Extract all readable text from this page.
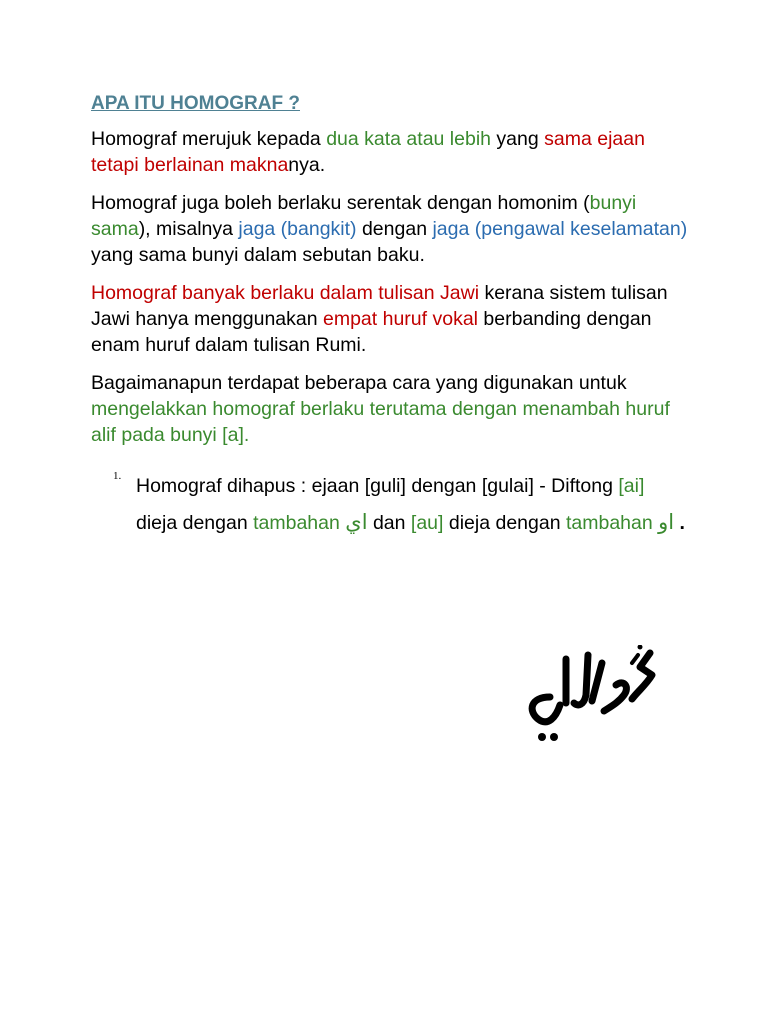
APA ITU HOMOGRAF ?

Homograf merujuk kepada dua kata atau lebih yang sama ejaan tetapi berlainan maknanya.

Homograf juga boleh berlaku serentak dengan homonim (bunyi sama), misalnya jaga (bangkit) dengan jaga (pengawal keselamatan) yang sama bunyi dalam sebutan baku.

Homograf banyak berlaku dalam tulisan Jawi kerana sistem tulisan Jawi hanya menggunakan empat huruf vokal berbanding dengan enam huruf dalam tulisan Rumi.

Bagaimanapun terdapat beberapa cara yang digunakan untuk mengelakkan homograf berlaku terutama dengan menambah huruf alif pada bunyi [a].

1. Homograf dihapus : ejaan [guli] dengan [gulai] - Diftong [ai] dieja dengan tambahan اي dan [au] dieja dengan tambahan او .
